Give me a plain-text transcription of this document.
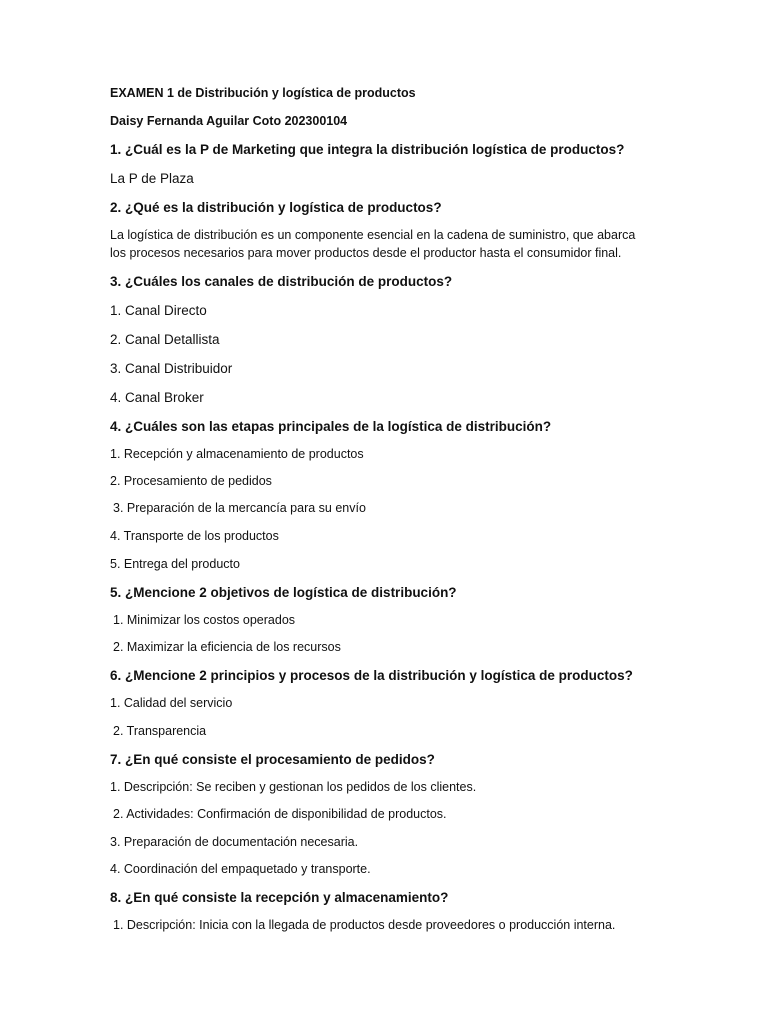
EXAMEN 1 de Distribución y logística de productos
Daisy Fernanda Aguilar Coto 202300104
1. ¿Cuál es la P de Marketing que integra la distribución logística de productos?
La P de Plaza
2. ¿Qué es la distribución y logística de productos?
La logística de distribución es un componente esencial en la cadena de suministro, que abarca
los procesos necesarios para mover productos desde el productor hasta el consumidor final.
3. ¿Cuáles los canales de distribución de productos?
1. Canal Directo
2. Canal Detallista
3. Canal Distribuidor
4. Canal Broker
4. ¿Cuáles son las etapas principales de la logística de distribución?
1. Recepción y almacenamiento de productos
2. Procesamiento de pedidos
3. Preparación de la mercancía para su envío
4. Transporte de los productos
5. Entrega del producto
5. ¿Mencione 2 objetivos de logística de distribución?
1. Minimizar los costos operados
2. Maximizar la eficiencia de los recursos
6. ¿Mencione 2 principios y procesos de la distribución y logística de productos?
1. Calidad del servicio
2. Transparencia
7. ¿En qué consiste el procesamiento de pedidos?
1. Descripción: Se reciben y gestionan los pedidos de los clientes.
2. Actividades: Confirmación de disponibilidad de productos.
3. Preparación de documentación necesaria.
4. Coordinación del empaquetado y transporte.
8. ¿En qué consiste la recepción y almacenamiento?
1. Descripción: Inicia con la llegada de productos desde proveedores o producción interna.
